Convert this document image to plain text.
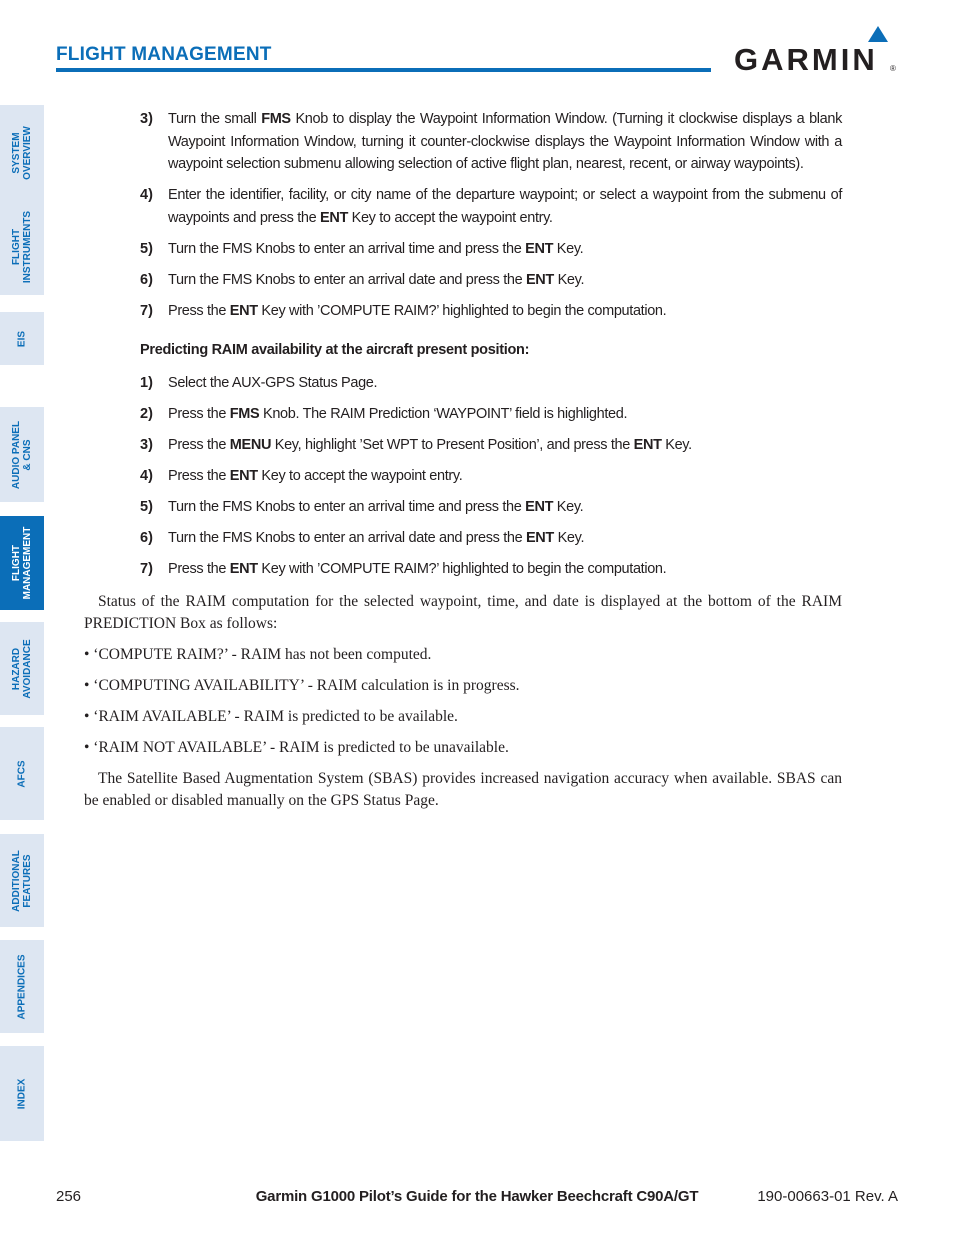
FLIGHT MANAGEMENT	GARMIN ®
SYSTEM
OVERVIEW
FLIGHT
INSTRUMENTS
EIS
AUDIO PANEL
& CNS
FLIGHT
MANAGEMENT
HAZARD
AVOIDANCE
AFCS
ADDITIONAL
FEATURES
APPENDICES
INDEX
3) Turn the small FMS Knob to display the Waypoint Information Window. (Turning it clockwise displays a blank Waypoint Information Window, turning it counter-clockwise displays the Waypoint Information Window with a waypoint selection submenu allowing selection of active flight plan, nearest, recent, or airway waypoints).
4) Enter the identifier, facility, or city name of the departure waypoint; or select a waypoint from the submenu of waypoints and press the ENT Key to accept the waypoint entry.
5) Turn the FMS Knobs to enter an arrival time and press the ENT Key.
6) Turn the FMS Knobs to enter an arrival date and press the ENT Key.
7) Press the ENT Key with ’COMPUTE RAIM?’ highlighted to begin the computation.
Predicting RAIM availability at the aircraft present position:
1) Select the AUX-GPS Status Page.
2) Press the FMS Knob. The RAIM Prediction ‘WAYPOINT’ field is highlighted.
3) Press the MENU Key, highlight ’Set WPT to Present Position’, and press the ENT Key.
4) Press the ENT Key to accept the waypoint entry.
5) Turn the FMS Knobs to enter an arrival time and press the ENT Key.
6) Turn the FMS Knobs to enter an arrival date and press the ENT Key.
7) Press the ENT Key with ’COMPUTE RAIM?’ highlighted to begin the computation.

Status of the RAIM computation for the selected waypoint, time, and date is displayed at the bottom of the RAIM PREDICTION Box as follows:

• ‘COMPUTE RAIM?’ - RAIM has not been computed.
• ‘COMPUTING AVAILABILITY’ - RAIM calculation is in progress.
• ‘RAIM AVAILABLE’ - RAIM is predicted to be available.
• ‘RAIM NOT AVAILABLE’ - RAIM is predicted to be unavailable.

The Satellite Based Augmentation System (SBAS) provides increased navigation accuracy when available. SBAS can be enabled or disabled manually on the GPS Status Page.

256	Garmin G1000 Pilot’s Guide for the Hawker Beechcraft C90A/GT	190-00663-01 Rev. A
